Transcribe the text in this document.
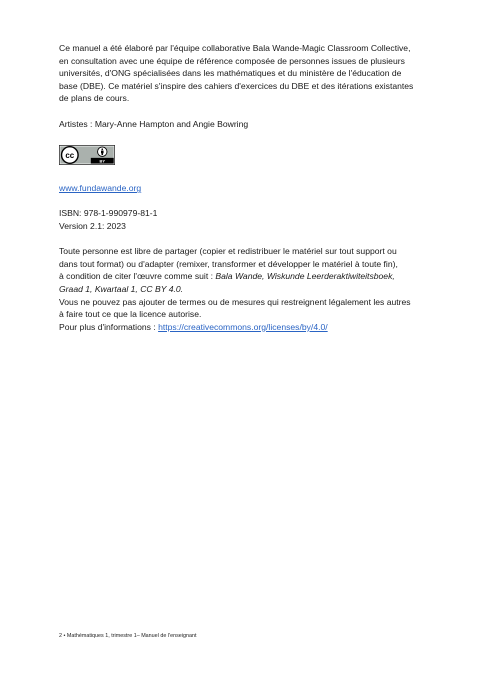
Ce manuel a été élaboré par l'équipe collaborative Bala Wande-Magic Classroom Collective,
en consultation avec une équipe de référence composée de personnes issues de plusieurs
universités, d'ONG spécialisées dans les mathématiques et du ministère de l'éducation de
base (DBE). Ce matériel s'inspire des cahiers d'exercices du DBE et des itérations existantes
de plans de cours.

Artistes : Mary-Anne Hampton and Angie Bowring

cc
BY

www.fundawande.org

ISBN: 978-1-990979-81-1
Version 2.1: 2023

Toute personne est libre de partager (copier et redistribuer le matériel sur tout support ou
dans tout format) ou d'adapter (remixer, transformer et développer le matériel à toute fin),
à condition de citer l'œuvre comme suit : Bala Wande, Wiskunde Leerderaktiwiteitsboek,
Graad 1, Kwartaal 1, CC BY 4.0.
Vous ne pouvez pas ajouter de termes ou de mesures qui restreignent légalement les autres
à faire tout ce que la licence autorise.
Pour plus d'informations : https://creativecommons.org/licenses/by/4.0/

2 • Mathématiques 1, trimestre 1– Manuel de l'enseignant
